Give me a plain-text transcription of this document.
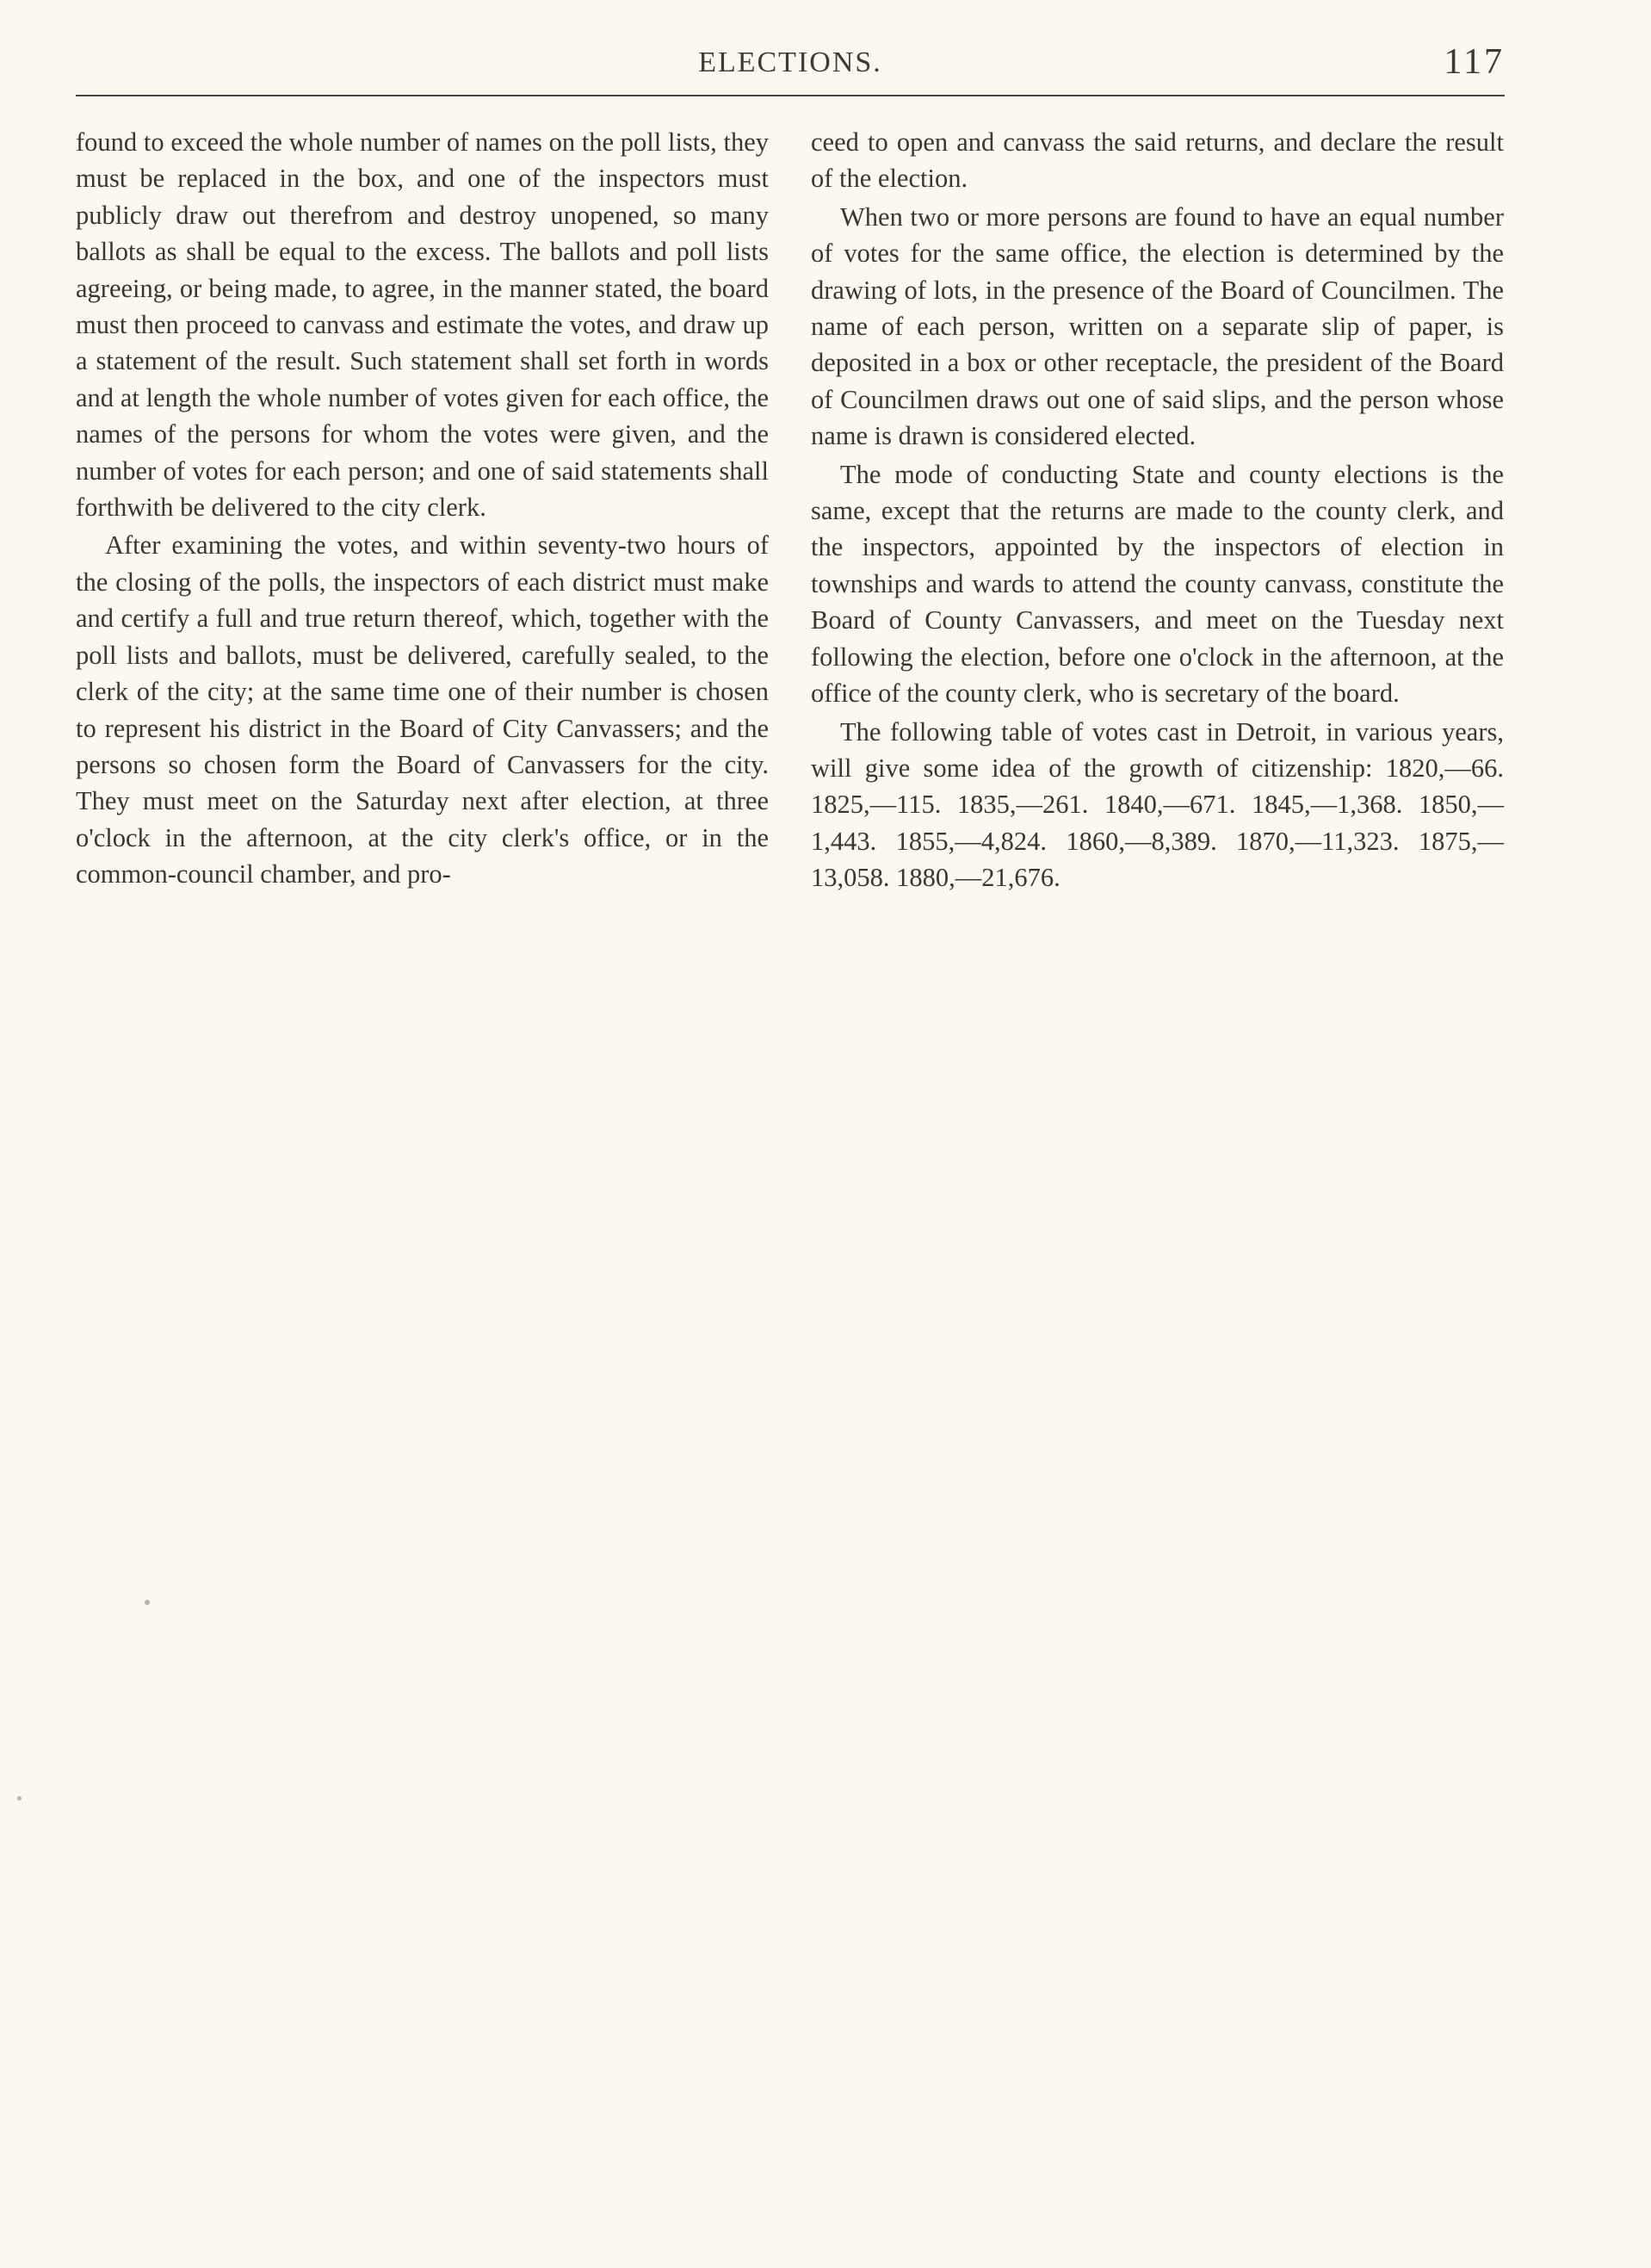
ELECTIONS.	117

found to exceed the whole number of names on the poll lists, they must be replaced in the box, and one of the inspectors must publicly draw out therefrom and destroy unopened, so many ballots as shall be equal to the excess. The ballots and poll lists agreeing, or being made, to agree, in the manner stated, the board must then proceed to canvass and estimate the votes, and draw up a statement of the result. Such statement shall set forth in words and at length the whole number of votes given for each office, the names of the persons for whom the votes were given, and the number of votes for each person; and one of said statements shall forthwith be delivered to the city clerk.

After examining the votes, and within seventy-two hours of the closing of the polls, the inspectors of each district must make and certify a full and true return thereof, which, together with the poll lists and ballots, must be delivered, carefully sealed, to the clerk of the city; at the same time one of their number is chosen to represent his district in the Board of City Canvassers; and the persons so chosen form the Board of Canvassers for the city. They must meet on the Saturday next after election, at three o'clock in the afternoon, at the city clerk's office, or in the common-council chamber, and pro-

ceed to open and canvass the said returns, and declare the result of the election.

When two or more persons are found to have an equal number of votes for the same office, the election is determined by the drawing of lots, in the presence of the Board of Councilmen. The name of each person, written on a separate slip of paper, is deposited in a box or other receptacle, the president of the Board of Councilmen draws out one of said slips, and the person whose name is drawn is considered elected.

The mode of conducting State and county elections is the same, except that the returns are made to the county clerk, and the inspectors, appointed by the inspectors of election in townships and wards to attend the county canvass, constitute the Board of County Canvassers, and meet on the Tuesday next following the election, before one o'clock in the afternoon, at the office of the county clerk, who is secretary of the board.

The following table of votes cast in Detroit, in various years, will give some idea of the growth of citizenship: 1820,—66. 1825,—115. 1835,—261. 1840,—671. 1845,—1,368. 1850,—1,443. 1855,—4,824. 1860,—8,389. 1870,—11,323. 1875,—13,058. 1880,—21,676.
